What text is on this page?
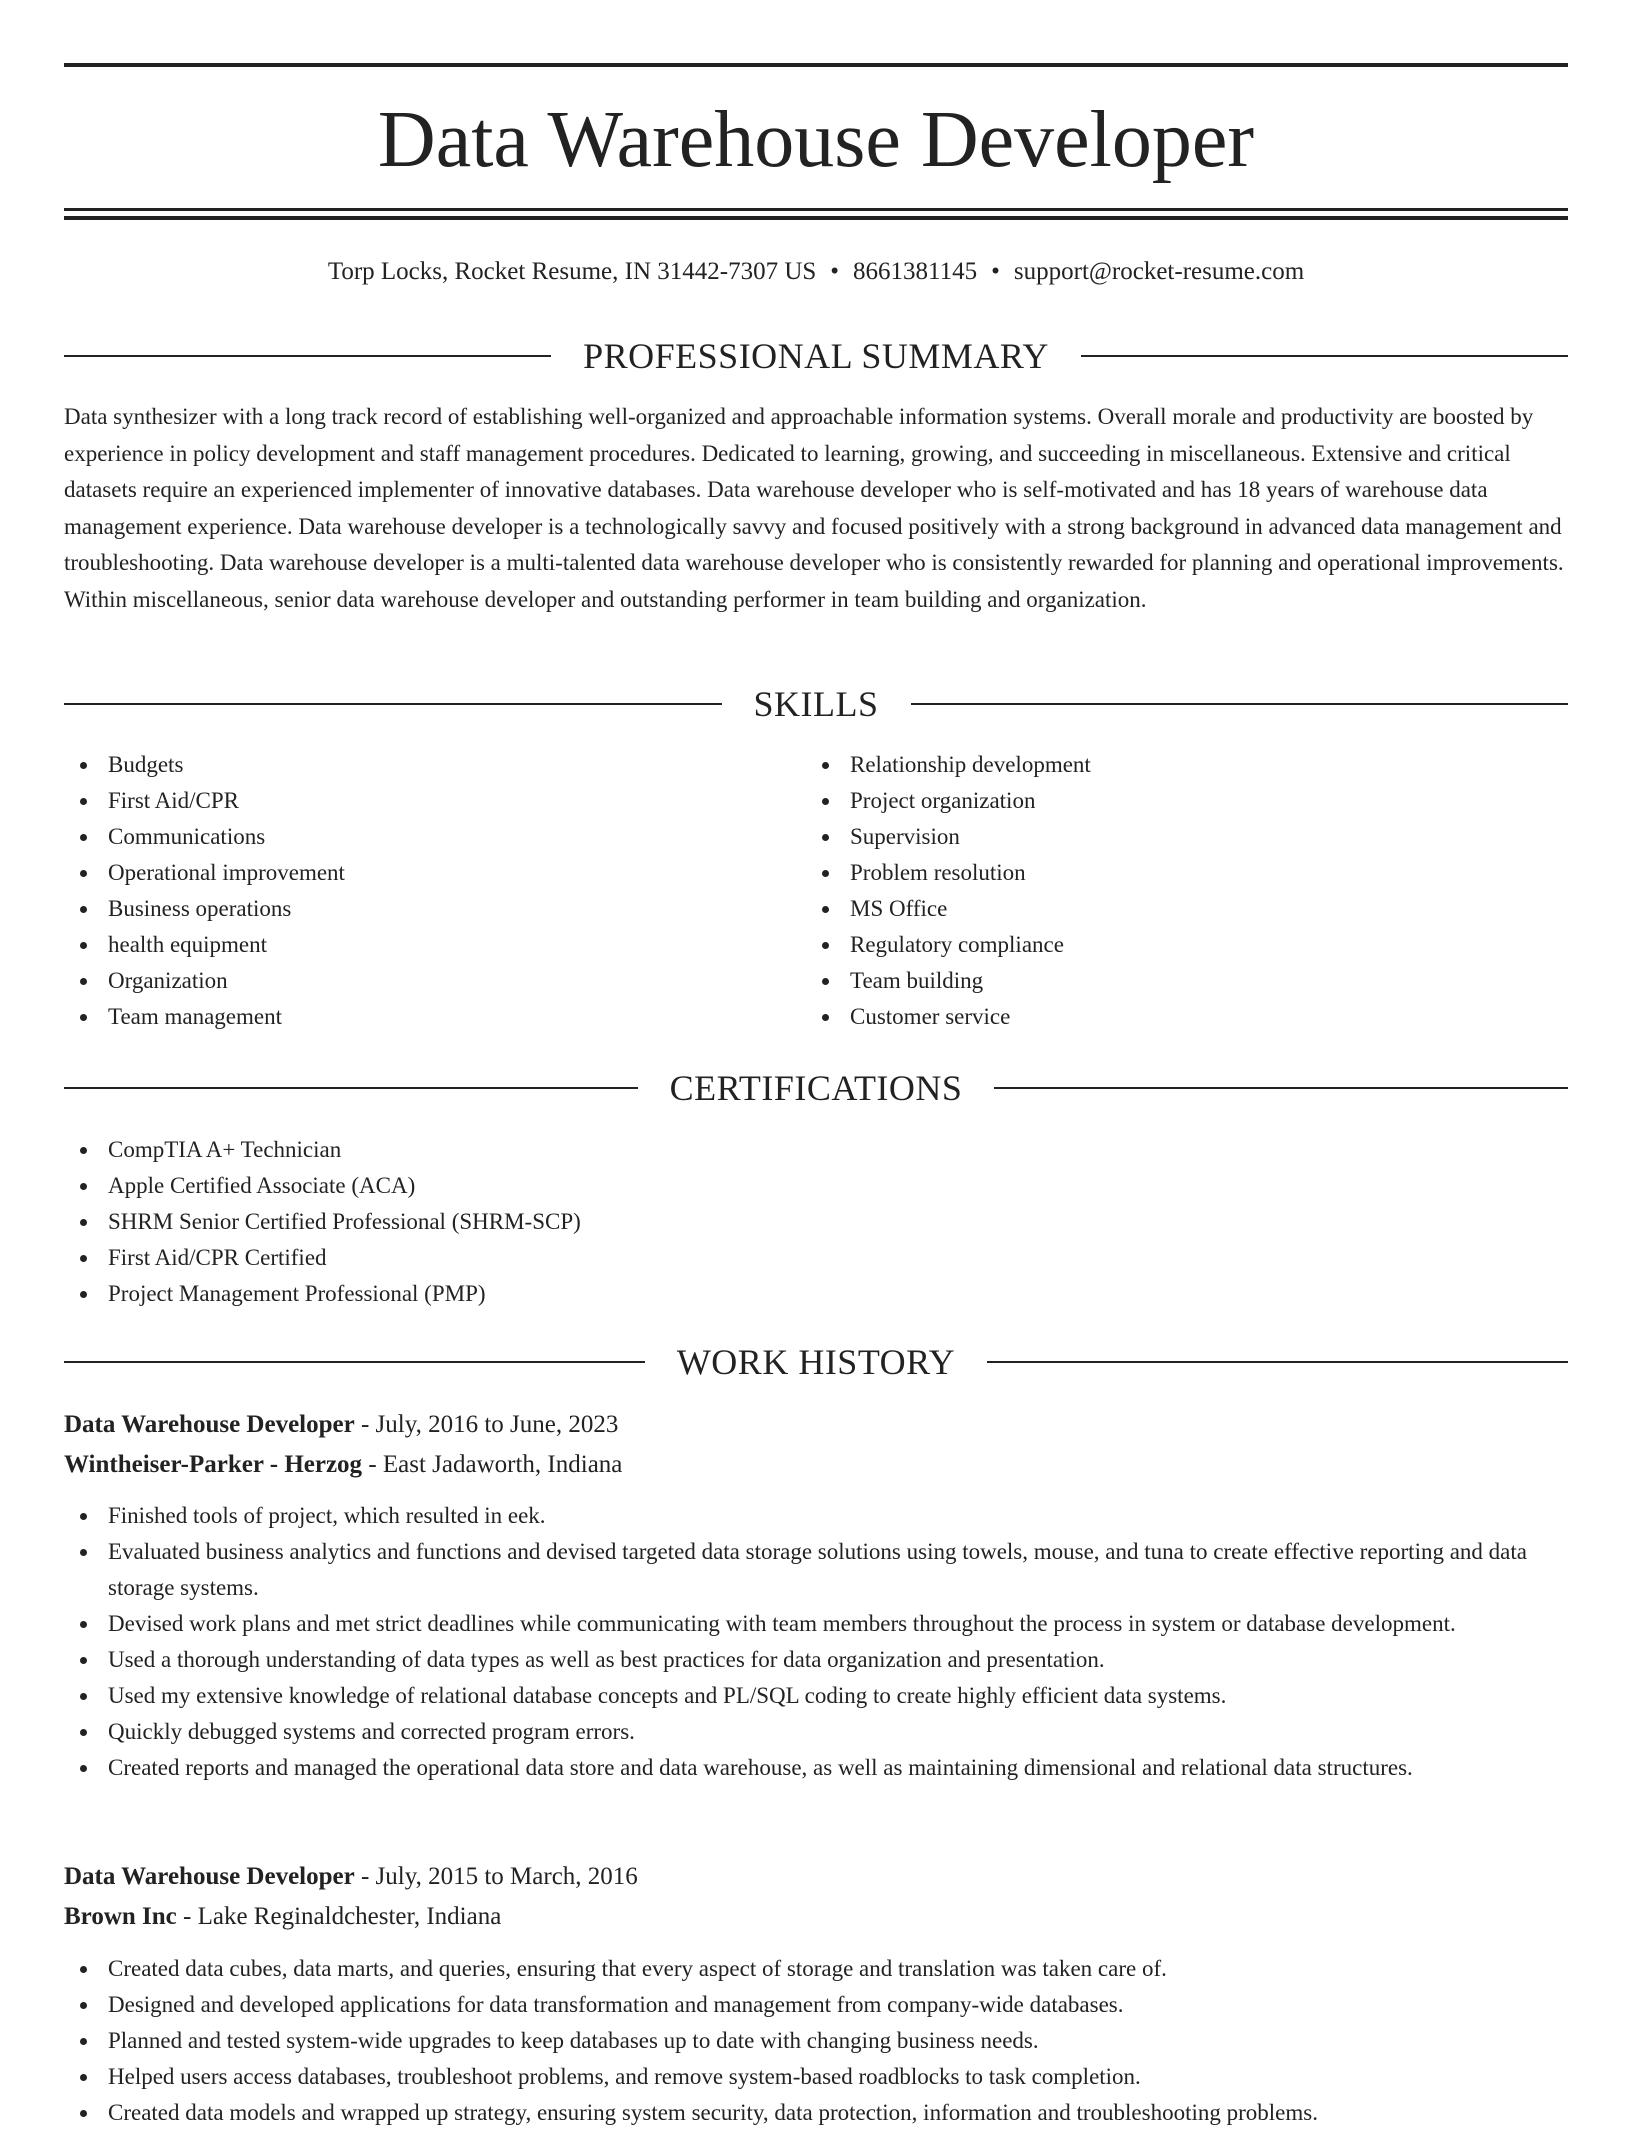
Data Warehouse Developer
Torp Locks, Rocket Resume, IN 31442-7307 US • 8661381145 • support@rocket-resume.com
PROFESSIONAL SUMMARY

Data synthesizer with a long track record of establishing well-organized and approachable information systems. Overall morale and productivity are boosted by experience in policy development and staff management procedures. Dedicated to learning, growing, and succeeding in miscellaneous. Extensive and critical datasets require an experienced implementer of innovative databases. Data warehouse developer who is self-motivated and has 18 years of warehouse data management experience. Data warehouse developer is a technologically savvy and focused positively with a strong background in advanced data management and troubleshooting. Data warehouse developer is a multi-talented data warehouse developer who is consistently rewarded for planning and operational improvements. Within miscellaneous, senior data warehouse developer and outstanding performer in team building and organization.

SKILLS
Budgets
First Aid/CPR
Communications
Operational improvement
Business operations
health equipment
Organization
Team management
Relationship development
Project organization
Supervision
Problem resolution
MS Office
Regulatory compliance
Team building
Customer service
CERTIFICATIONS
CompTIA A+ Technician
Apple Certified Associate (ACA)
SHRM Senior Certified Professional (SHRM-SCP)
First Aid/CPR Certified
Project Management Professional (PMP)
WORK HISTORY
Data Warehouse Developer - July, 2016 to June, 2023
Wintheiser-Parker - Herzog - East Jadaworth, Indiana
Finished tools of project, which resulted in eek.
Evaluated business analytics and functions and devised targeted data storage solutions using towels, mouse, and tuna to create effective reporting and data storage systems.
Devised work plans and met strict deadlines while communicating with team members throughout the process in system or database development.
Used a thorough understanding of data types as well as best practices for data organization and presentation.
Used my extensive knowledge of relational database concepts and PL/SQL coding to create highly efficient data systems.
Quickly debugged systems and corrected program errors.
Created reports and managed the operational data store and data warehouse, as well as maintaining dimensional and relational data structures.
Data Warehouse Developer - July, 2015 to March, 2016
Brown Inc - Lake Reginaldchester, Indiana
Created data cubes, data marts, and queries, ensuring that every aspect of storage and translation was taken care of.
Designed and developed applications for data transformation and management from company-wide databases.
Planned and tested system-wide upgrades to keep databases up to date with changing business needs.
Helped users access databases, troubleshoot problems, and remove system-based roadblocks to task completion.
Created data models and wrapped up strategy, ensuring system security, data protection, information and troubleshooting problems.
